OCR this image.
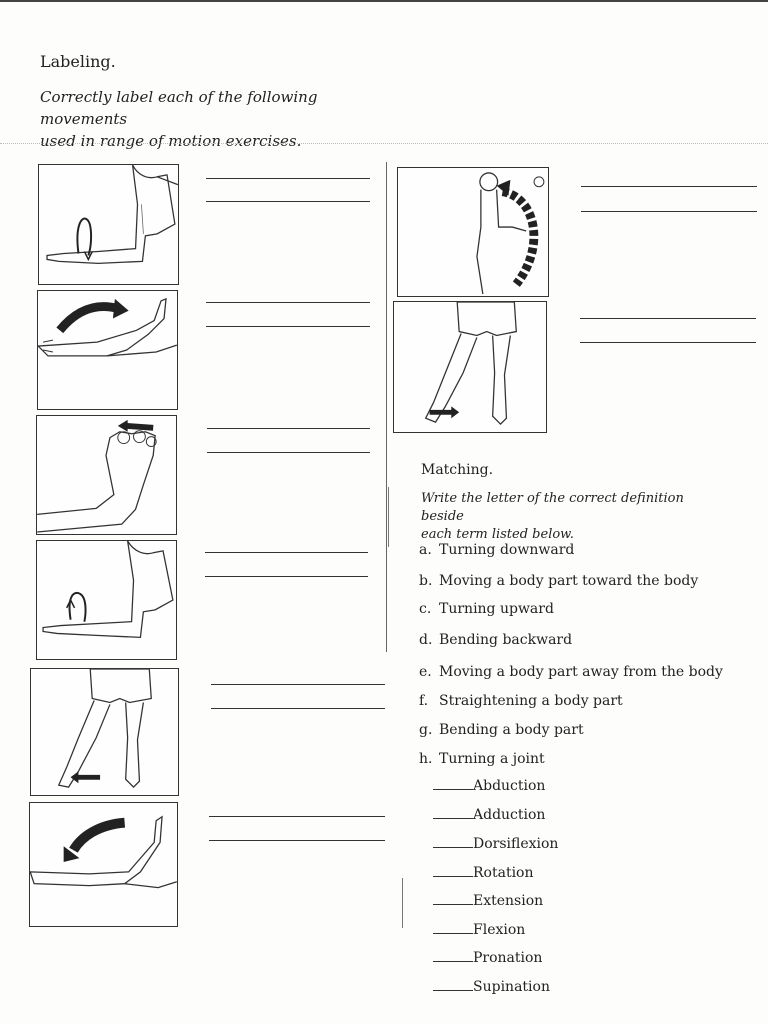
Labeling.
Correctly label each of the following movements
used in range of motion exercises.
Matching.
Write the letter of the correct definition beside
each term listed below.
a. Turning downward
b. Moving a body part toward the body
c. Turning upward
d. Bending backward
e. Moving a body part away from the body
f. Straightening a body part
g. Bending a body part
h. Turning a joint
Abduction
Adduction
Dorsiflexion
Rotation
Extension
Flexion
Pronation
Supination
